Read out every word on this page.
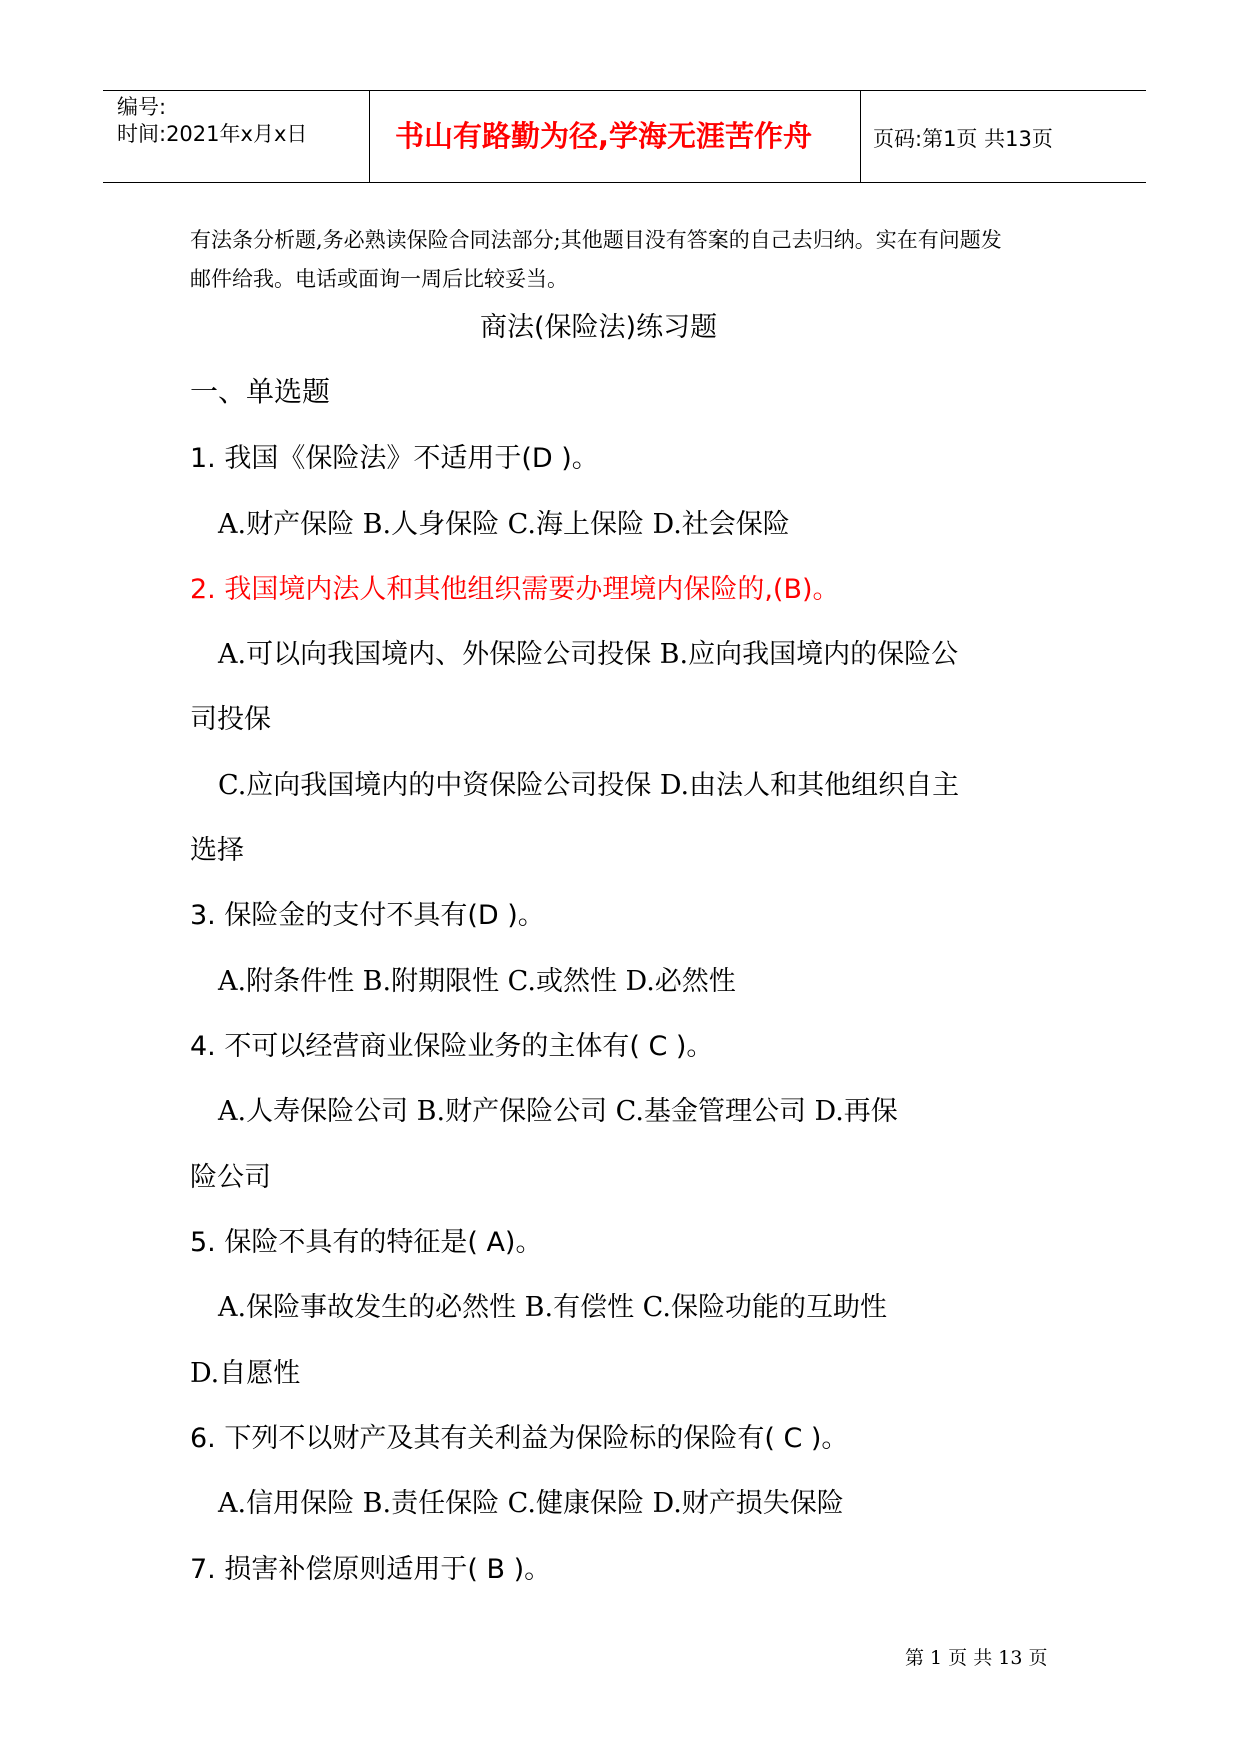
编号:
时间:2021年x月x日	书山有路勤为径,学海无涯苦作舟	页码:第1页 共13页
有法条分析题,务必熟读保险合同法部分;其他题目没有答案的自己去归纳。实在有问题发
邮件给我。电话或面询一周后比较妥当。
商法(保险法)练习题
一、单选题
1. 我国《保险法》不适用于(D )。
A.财产保险 B.人身保险 C.海上保险 D.社会保险
2. 我国境内法人和其他组织需要办理境内保险的,(B)。
A.可以向我国境内、外保险公司投保 B.应向我国境内的保险公
司投保
C.应向我国境内的中资保险公司投保 D.由法人和其他组织自主
选择
3. 保险金的支付不具有(D )。
A.附条件性 B.附期限性 C.或然性 D.必然性
4. 不可以经营商业保险业务的主体有( C )。
A.人寿保险公司 B.财产保险公司 C.基金管理公司 D.再保
险公司
5. 保险不具有的特征是( A)。
A.保险事故发生的必然性 B.有偿性 C.保险功能的互助性
D.自愿性
6. 下列不以财产及其有关利益为保险标的保险有( C )。
A.信用保险 B.责任保险 C.健康保险 D.财产损失保险
7. 损害补偿原则适用于( B )。
第 1 页 共 13 页
